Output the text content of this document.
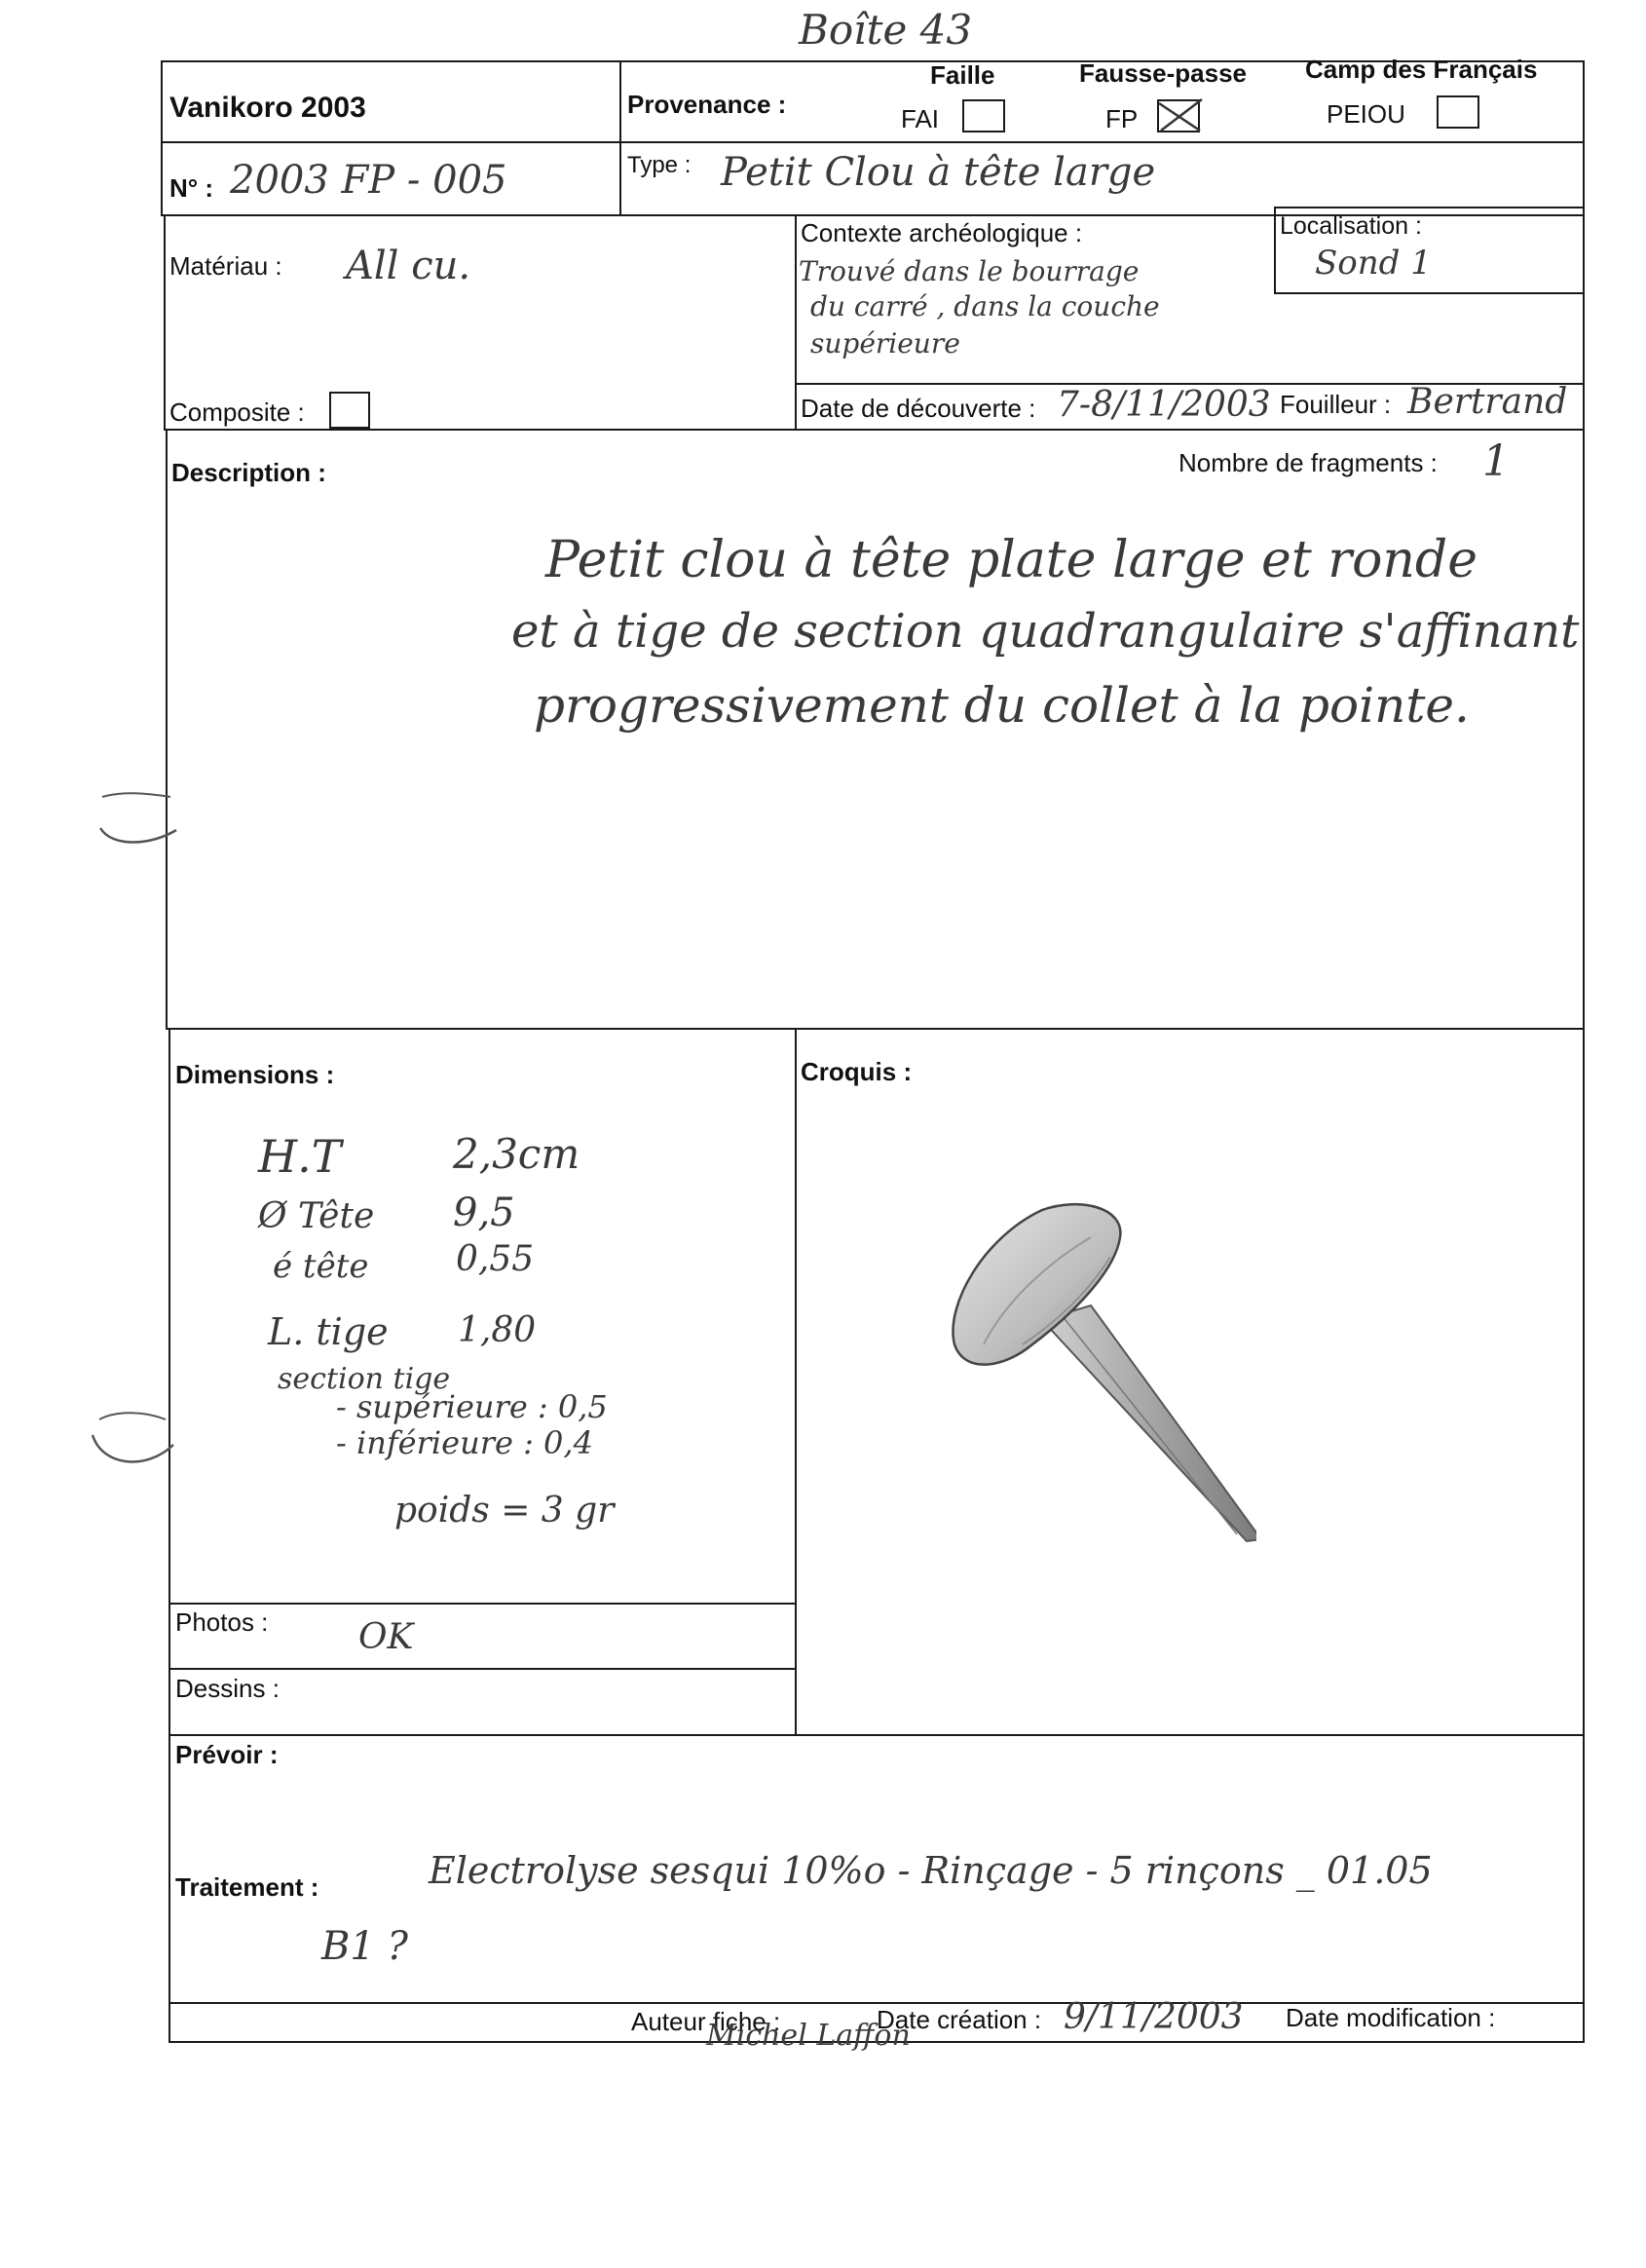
Boîte 43
Vanikoro 2003	Provenance :
Faille
FAI
Fausse-passe
FP
Camp des Français
PEIOU
N° : 2003 FP - 005	Type : Petit Clou à tête large
Matériau : All cu.
Contexte archéologique :
Trouvé dans le bourrage
du carré , dans la couche
supérieure
Localisation :
Sond 1
Composite :	Date de découverte : 7-8/11/2003 Fouilleur : Bertrand
Description :	Nombre de fragments : 1
Petit clou à tête plate large et ronde
et à tige de section quadrangulaire s'affinant
progressivement du collet à la pointe.
Dimensions :
H.T	2,3cm
Ø Tête 9,5
é tête 0,55
L. tige 1,80
section tige
- supérieure : 0,5
- inférieure : 0,4
poids = 3 gr
Croquis :
Photos :	OK
Dessins :
Prévoir :
Traitement :	Electrolyse sesqui 10%o - Rinçage - 5 rinçons _ 01.05
B1 ?
Auteur fiche :
Michel Laffon
Date création : 9/11/2003 Date modification :
